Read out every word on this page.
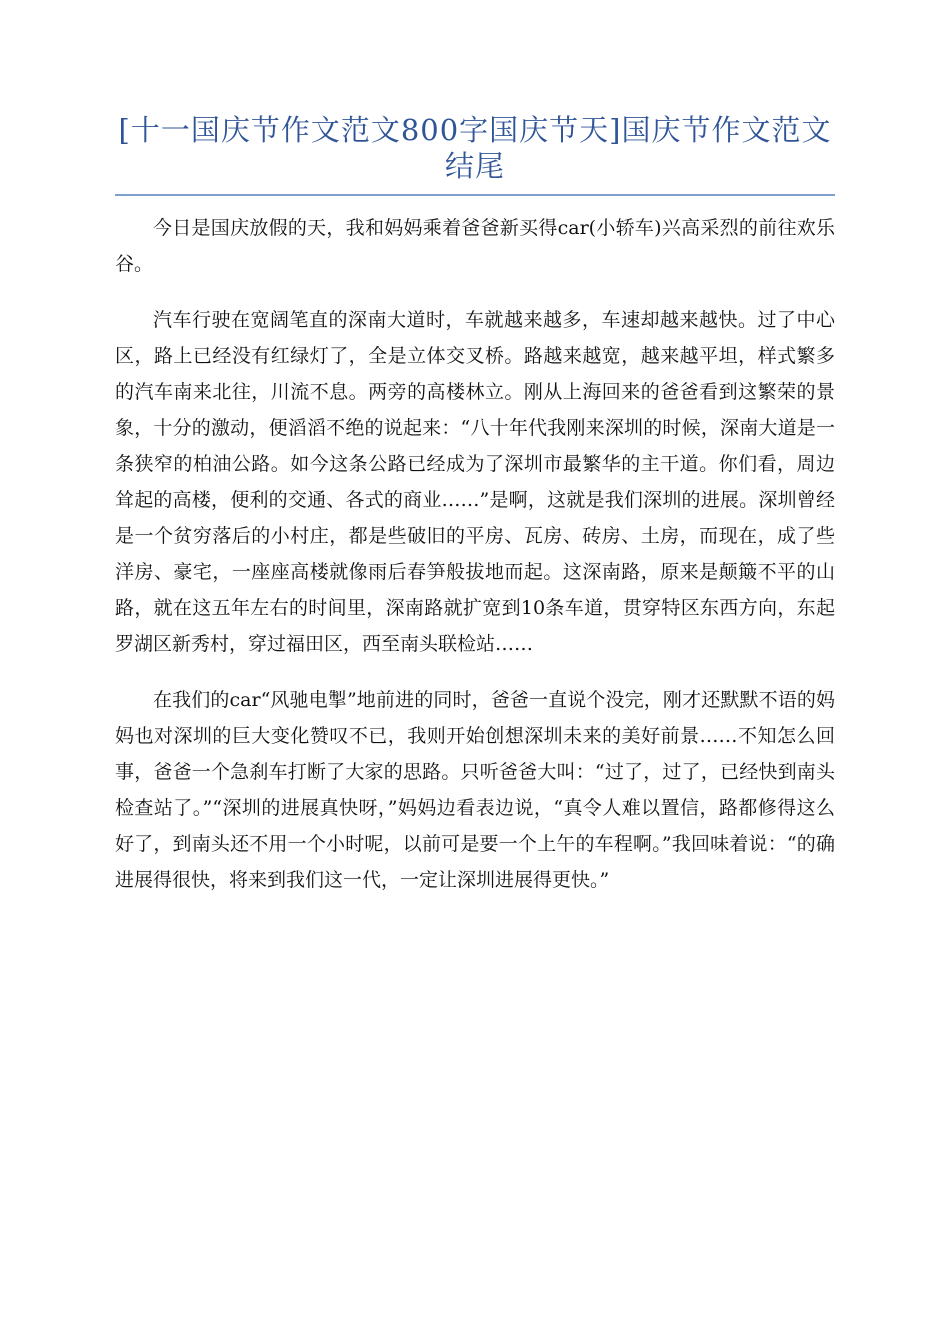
[十一国庆节作文范文800字国庆节天]国庆节作文范文结尾

今日是国庆放假的天，我和妈妈乘着爸爸新买得car(小轿车)兴高采烈的前往欢乐谷。

汽车行驶在宽阔笔直的深南大道时，车就越来越多，车速却越来越快。过了中心区，路上已经没有红绿灯了，全是立体交叉桥。路越来越宽，越来越平坦，样式繁多的汽车南来北往，川流不息。两旁的高楼林立。刚从上海回来的爸爸看到这繁荣的景象，十分的激动，便滔滔不绝的说起来：“八十年代我刚来深圳的时候，深南大道是一条狭窄的柏油公路。如今这条公路已经成为了深圳市最繁华的主干道。你们看，周边耸起的高楼，便利的交通、各式的商业……”是啊，这就是我们深圳的进展。深圳曾经是一个贫穷落后的小村庄，都是些破旧的平房、瓦房、砖房、土房，而现在，成了些洋房、豪宅，一座座高楼就像雨后春笋般拔地而起。这深南路，原来是颠簸不平的山路，就在这五年左右的时间里，深南路就扩宽到10条车道，贯穿特区东西方向，东起罗湖区新秀村，穿过福田区，西至南头联检站……

在我们的car“风驰电掣”地前进的同时，爸爸一直说个没完，刚才还默默不语的妈妈也对深圳的巨大变化赞叹不已，我则开始创想深圳未来的美好前景……不知怎么回事，爸爸一个急刹车打断了大家的思路。只听爸爸大叫：“过了，过了，已经快到南头检查站了。”“深圳的进展真快呀，”妈妈边看表边说，“真令人难以置信，路都修得这么好了，到南头还不用一个小时呢，以前可是要一个上午的车程啊。”我回味着说：“的确进展得很快，将来到我们这一代，一定让深圳进展得更快。”
